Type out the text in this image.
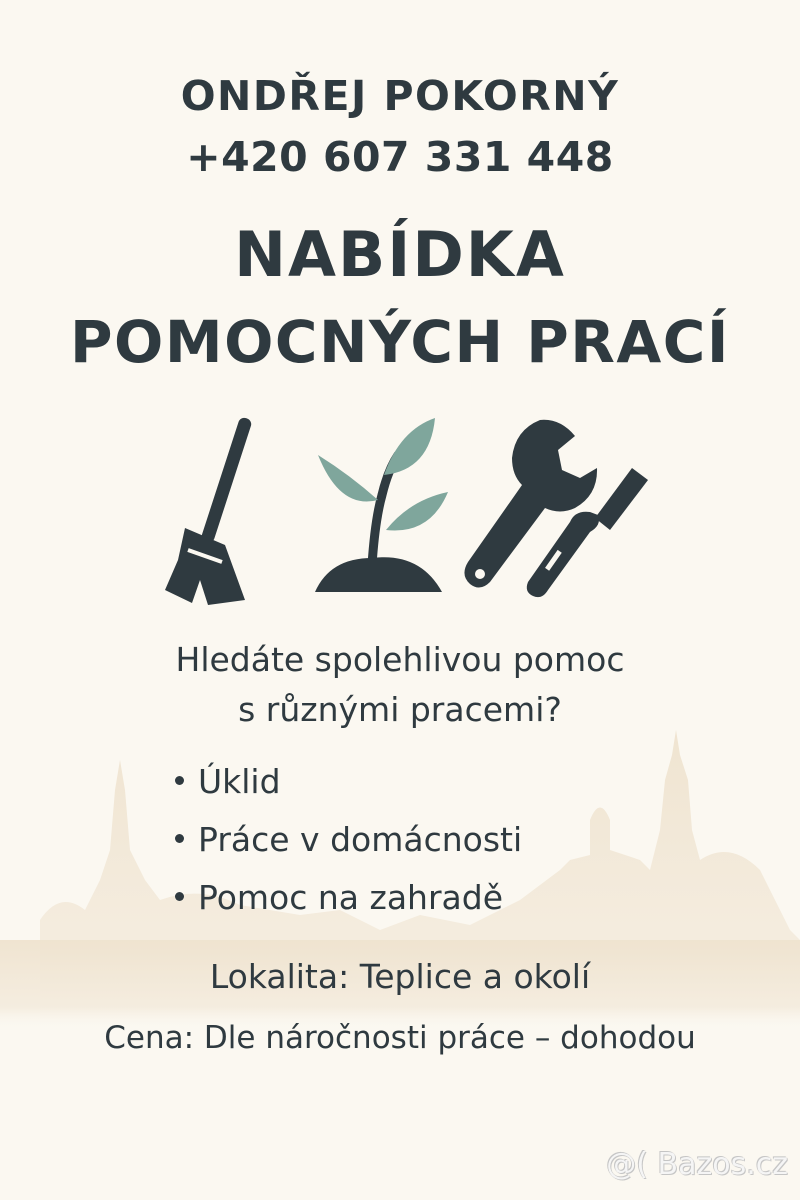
ONDŘEJ POKORNÝ
+420 607 331 448
NABÍDKA
POMOCNÝCH PRACÍ
Hledáte spolehlivou pomoc
s různými pracemi?
Úklid
Práce v domácnosti
Pomoc na zahradě
Lokalita: Teplice a okolí
Cena: Dle náročnosti práce – dohodou
@( Bazos.cz
